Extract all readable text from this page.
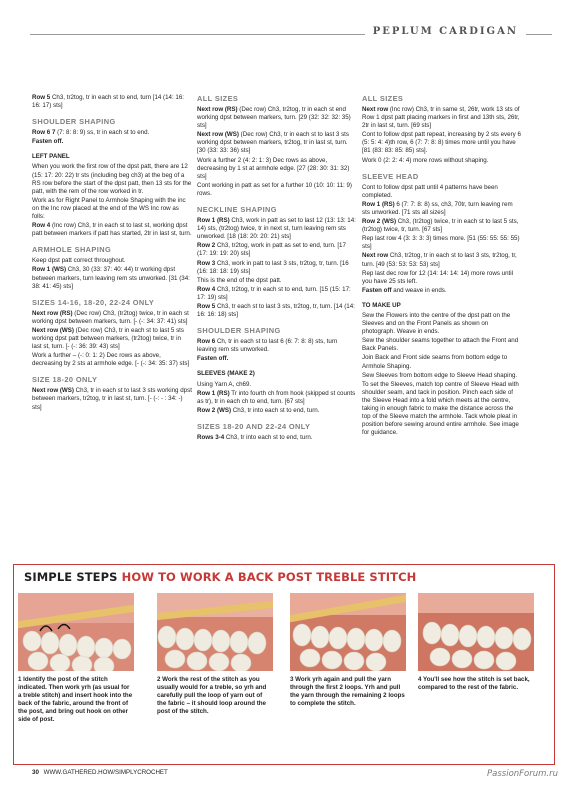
PEPLUM CARDIGAN

Row 5 Ch3, tr2tog, tr in each st to end, turn [14 (14: 16: 16: 17) sts]

SHOULDER SHAPING

Row 6 7 (7: 8: 8: 9) ss, tr in each st to end.

Fasten off.

LEFT PANEL

When you work the first row of the dpst patt, there are 12 (15: 17: 20: 22) tr sts (including beg ch3) at the beg of a RS row before the start of the dpst patt, then 13 sts for the patt, with the rem of the row worked in tr.

Work as for Right Panel to Armhole Shaping with the inc on the Inc row placed at the end of the WS Inc row as folls:

Row 4 (Inc row) Ch3, tr in each st to last st, working dpst patt between markers if patt has started, 2tr in last st, turn.

ARMHOLE SHAPING

Keep dpst patt correct throughout.

Row 1 (WS) Ch3, 30 (33: 37: 40: 44) tr working dpst between markers, turn leaving rem sts unworked. [31 (34: 38: 41: 45) sts]

SIZES 14-16, 18-20, 22-24 ONLY

Next row (RS) (Dec row) Ch3, (tr2tog) twice, tr in each st working dpst between markers, turn. [- (-: 34: 37: 41) sts]

Next row (WS) (Dec row) Ch3, tr in each st to last 5 sts working dpst patt between markers, (tr2tog) twice, tr in last st, turn. [- (-: 36: 39: 43) sts]

Work a further – (-: 0: 1: 2) Dec rows as above, decreasing by 2 sts at armhole edge. [- (-: 34: 35: 37) sts]

SIZE 18-20 ONLY

Next row (WS) Ch3, tr in each st to last 3 sts working dpst between markers, tr2tog, tr in last st, turn. [- (-: - : 34: -) sts]

ALL SIZES

Next row (RS) (Dec row) Ch3, tr2tog, tr in each st end working dpst between markers, turn. [29 (32: 32: 32: 35) sts]

Next row (WS) (Dec row) Ch3, tr in each st to last 3 sts working dpst between markers, tr2tog, tr in last st, turn. [30 (33: 33: 36) sts]

Work a further 2 (4: 2: 1: 3) Dec rows as above, decreasing by 1 st at armhole edge. [27 (28: 30: 31: 32) sts]

Cont working in patt as set for a further 10 (10: 10: 11: 9) rows.

NECKLINE SHAPING

Row 1 (RS) Ch3, work in patt as set to last 12 (13: 13: 14: 14) sts, (tr2tog) twice, tr in next st, turn leaving rem sts unworked. [18 (18: 20: 20: 21) sts]

Row 2 Ch3, tr2tog, work in patt as set to end, turn. [17 (17: 19: 19: 20) sts]

Row 3 Ch3, work in patt to last 3 sts, tr2tog, tr, turn. [16 (16: 18: 18: 19) sts]

This is the end of the dpst patt.

Row 4 Ch3, tr2tog, tr in each st to end, turn. [15 (15: 17: 17: 19) sts]

Row 5 Ch3, tr each st to last 3 sts, tr2tog, tr, turn. [14 (14: 16: 16: 18) sts]

SHOULDER SHAPING

Row 6 Ch, tr in each st to last 6 (6: 7: 8: 8) sts, turn leaving rem sts unworked.

Fasten off.

SLEEVES (MAKE 2)

Using Yarn A, ch69.

Row 1 (RS) Tr into fourth ch from hook (skipped st counts as tr), tr in each ch to end, turn. [67 sts]

Row 2 (WS) Ch3, tr into each st to end, turn.

SIZES 18-20 AND 22-24 ONLY

Rows 3-4 Ch3, tr into each st to end, turn.

ALL SIZES

Next row (Inc row) Ch3, tr in same st, 26tr, work 13 sts of Row 1 dpst patt placing markers in first and 13th sts, 26tr, 2tr in last st, turn. [69 sts]

Cont to follow dpst patt repeat, increasing by 2 sts every 6 (5: 5: 4: 4)th row, 6 (7: 7: 8: 8) times more until you have [81 (83: 83: 85: 85) sts].

Work 0 (2: 2: 4: 4) more rows without shaping.

SLEEVE HEAD

Cont to follow dpst patt until 4 patterns have been completed.

Row 1 (RS) 6 (7: 7: 8: 8) ss, ch3, 70tr, turn leaving rem sts unworked. [71 sts all sizes]

Row 2 (WS) Ch3, (tr2tog) twice, tr in each st to last 5 sts, (tr2tog) twice, tr, turn. [67 sts]

Rep last row 4 (3: 3: 3: 3) times more. [51 (55: 55: 55: 55) sts]

Next row Ch3, tr2tog, tr in each st to last 3 sts, tr2tog, tr, turn. [49 (53: 53: 53: 53) sts]

Rep last dec row for 12 (14: 14: 14: 14) more rows until you have 25 sts left.

Fasten off and weave in ends.

TO MAKE UP

Sew the Flowers into the centre of the dpst patt on the Sleeves and on the Front Panels as shown on photograph. Weave in ends.

Sew the shoulder seams together to attach the Front and Back Panels.

Join Back and Front side seams from bottom edge to Armhole Shaping.

Sew Sleeves from bottom edge to Sleeve Head shaping.

To set the Sleeves, match top centre of Sleeve Head with shoulder seam, and tack in position. Pinch each side of the Sleeve Head into a fold which meets at the centre, taking in enough fabric to make the distance across the top of the Sleeve match the armhole. Tack whole pleat in position before sewing around entire armhole. See image for guidance.

SIMPLE STEPS HOW TO WORK A BACK POST TREBLE STITCH
1 Identify the post of the stitch indicated. Then work yrh (as usual for a treble stitch) and insert hook into the back of the fabric, around the front of the post, and bring out hook on other side of post.
2 Work the rest of the stitch as you usually would for a treble, so yrh and carefully pull the loop of yarn out of the fabric – it should loop around the post of the stitch.
3 Work yrh again and pull the yarn through the first 2 loops. Yrh and pull the yarn through the remaining 2 loops to complete the stitch.
4 You'll see how the stitch is set back, compared to the rest of the fabric.
30 WWW.GATHERED.HOW/SIMPLYCROCHET	PassionForum.ru
